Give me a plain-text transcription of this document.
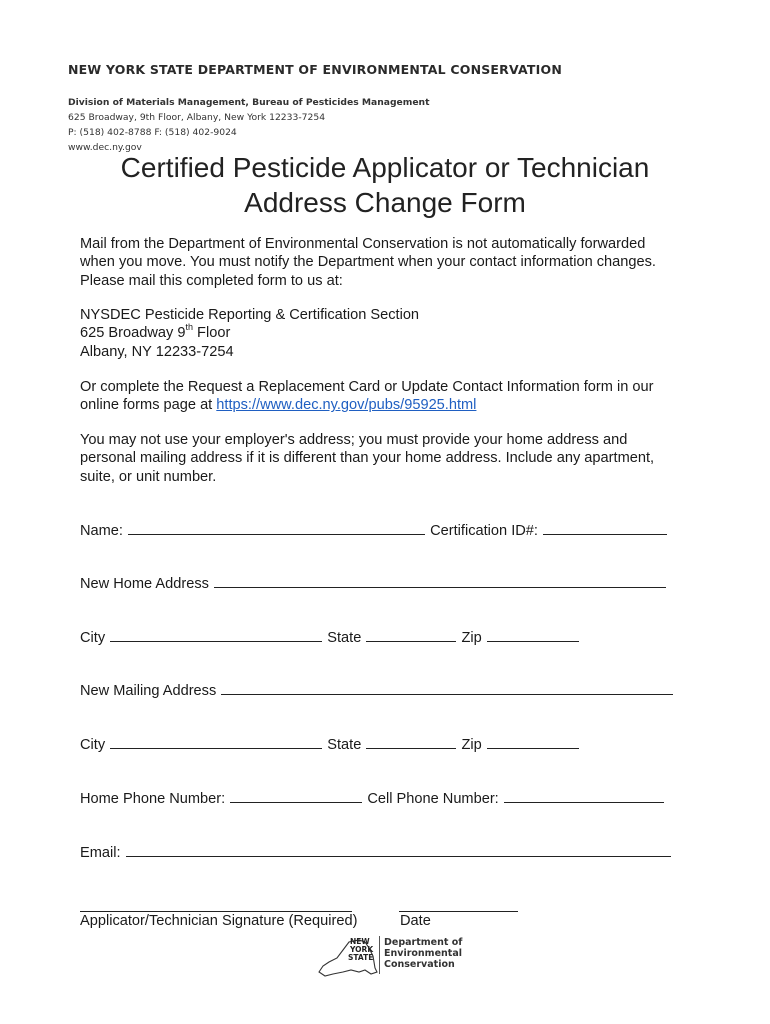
NEW YORK STATE DEPARTMENT OF ENVIRONMENTAL CONSERVATION
Division of Materials Management, Bureau of Pesticides Management
625 Broadway, 9th Floor, Albany, New York 12233-7254
P: (518) 402-8788 F: (518) 402-9024
www.dec.ny.gov
Certified Pesticide Applicator or Technician
Address Change Form
Mail from the Department of Environmental Conservation is not automatically forwarded
when you move. You must notify the Department when your contact information changes.
Please mail this completed form to us at:
NYSDEC Pesticide Reporting & Certification Section
625 Broadway 9th Floor
Albany, NY 12233-7254
Or complete the Request a Replacement Card or Update Contact Information form in our
online forms page at https://www.dec.ny.gov/pubs/95925.html
You may not use your employer's address; you must provide your home address and
personal mailing address if it is different than your home address. Include any apartment,
suite, or unit number.
Name:	Certification ID#:
New Home Address
City	State	Zip
New Mailing Address
City	State	Zip
Home Phone Number:	Cell Phone Number:
Email:
Applicator/Technician Signature (Required)	Date
NEW
YORK
STATE
Department of
Environmental
Conservation
